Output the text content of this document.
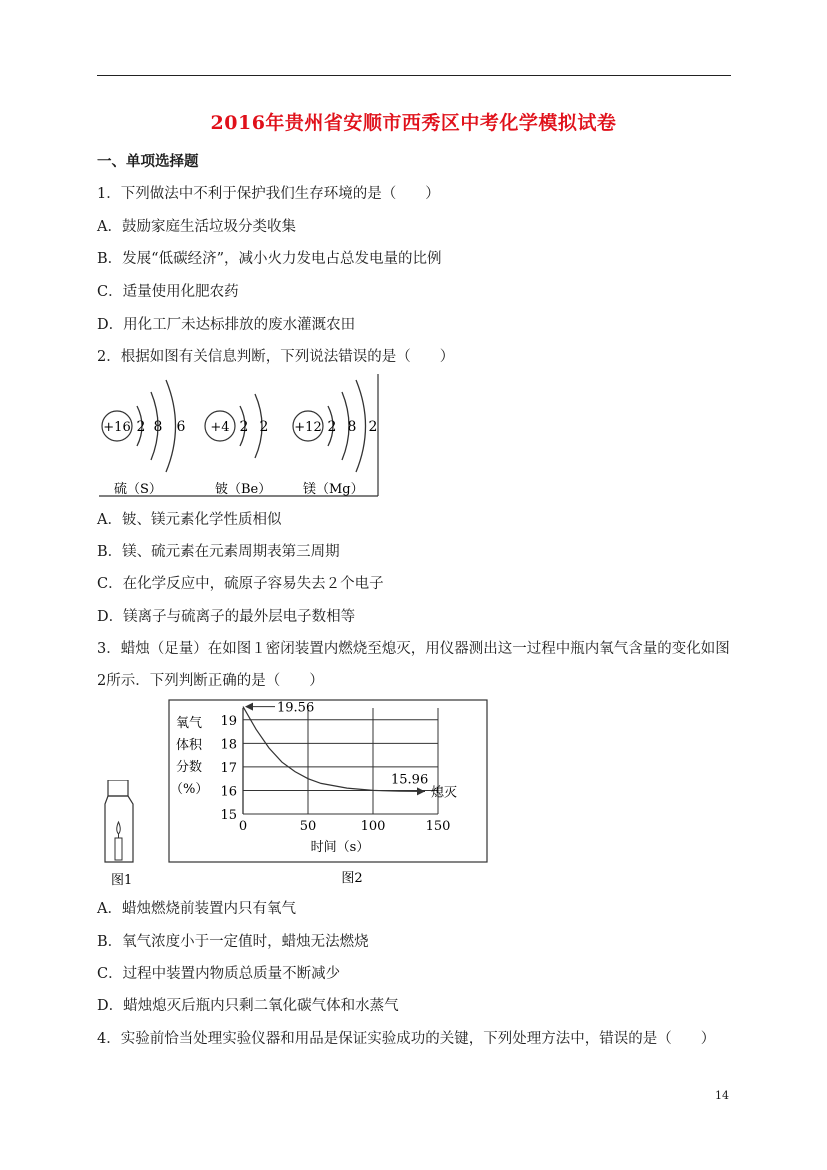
2016年贵州省安顺市西秀区中考化学模拟试卷
一、单项选择题
1．下列做法中不利于保护我们生存环境的是（　　）
A．鼓励家庭生活垃圾分类收集
B．发展“低碳经济”，减小火力发电占总发电量的比例
C．适量使用化肥农药
D．用化工厂未达标排放的废水灌溉农田
2．根据如图有关信息判断，下列说法错误的是（　　）
+16 2 8 6
硫（S）
+4 2 2
铍（Be）
+12 2 8 2
镁（Mg）
A．铍、镁元素化学性质相似
B．镁、硫元素在元素周期表第三周期
C．在化学反应中，硫原子容易失去２个电子
D．镁离子与硫离子的最外层电子数相等
3．蜡烛（足量）在如图１密闭装置内燃烧至熄灭，用仪器测出这一过程中瓶内氧气含量的变化如图
2所示．下列判断正确的是（　　）
图1
氧气
体积
分数
（%）
15
16
17
18
19
0	50	100	150
时间（s）
熄灭
15.96
19.56
图2
A．蜡烛燃烧前装置内只有氧气
B．氧气浓度小于一定值时，蜡烛无法燃烧
C．过程中装置内物质总质量不断减少
D．蜡烛熄灭后瓶内只剩二氧化碳气体和水蒸气
4．实验前恰当处理实验仪器和用品是保证实验成功的关键，下列处理方法中，错误的是（　　）
14
